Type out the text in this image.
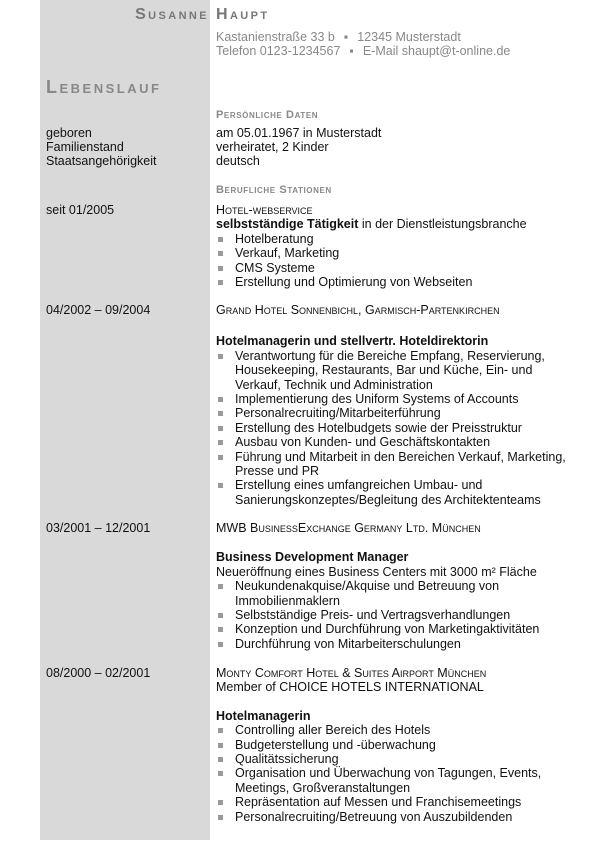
Susanne Haupt
Kastanienstraße 33 b ▪ 12345 Musterstadt
Telefon 0123-1234567 ▪ E-Mail shaupt@t-online.de
Lebenslauf
Persönliche Daten
geboren	am 05.01.1967 in Musterstadt
Familienstand	verheiratet, 2 Kinder
Staatsangehörigkeit	deutsch
Berufliche Stationen
seit 01/2005	Hotel-webservice
selbstständige Tätigkeit in der Dienstleistungsbranche
Hotelberatung
Verkauf, Marketing
CMS Systeme
Erstellung und Optimierung von Webseiten
04/2002 – 09/2004	Grand Hotel Sonnenbichl, Garmisch-Partenkirchen
Hotelmanagerin und stellvertr. Hoteldirektorin
Verantwortung für die Bereiche Empfang, Reservierung, Housekeeping, Restaurants, Bar und Küche, Ein- und Verkauf, Technik und Administration
Implementierung des Uniform Systems of Accounts
Personalrecruiting/Mitarbeiterführung
Erstellung des Hotelbudgets sowie der Preisstruktur
Ausbau von Kunden- und Geschäftskontakten
Führung und Mitarbeit in den Bereichen Verkauf, Marketing, Presse und PR
Erstellung eines umfangreichen Umbau- und Sanierungskonzeptes/Begleitung des Architektenteams
03/2001 – 12/2001	MWB BusinessExchange Germany Ltd. München
Business Development Manager
Neueröffnung eines Business Centers mit 3000 m² Fläche
Neukundenakquise/Akquise und Betreuung von Immobilienmaklern
Selbstständige Preis- und Vertragsverhandlungen
Konzeption und Durchführung von Marketingaktivitäten
Durchführung von Mitarbeiterschulungen
08/2000 – 02/2001	Monty Comfort Hotel & Suites Airport München
Member of CHOICE HOTELS INTERNATIONAL
Hotelmanagerin
Controlling aller Bereich des Hotels
Budgeterstellung und -überwachung
Qualitätssicherung
Organisation und Überwachung von Tagungen, Events, Meetings, Großveranstaltungen
Repräsentation auf Messen und Franchisemeetings
Personalrecruiting/Betreuung von Auszubildenden
